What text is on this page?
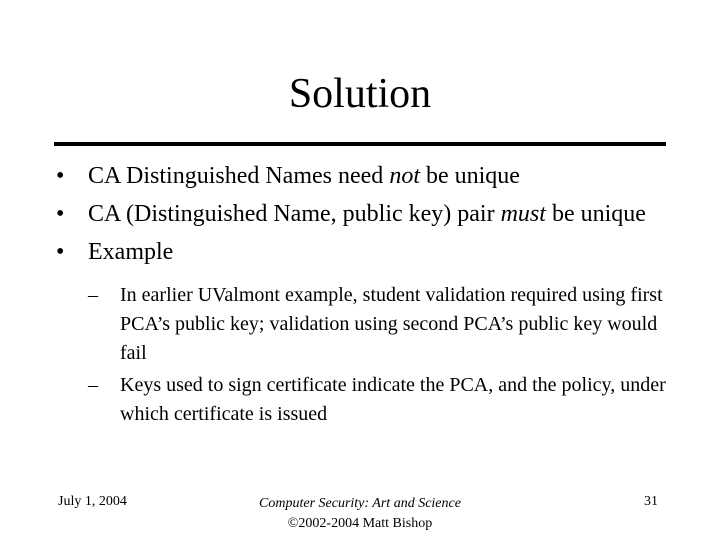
Solution
• CA Distinguished Names need not be unique
• CA (Distinguished Name, public key) pair must be unique
• Example
– In earlier UValmont example, student validation required using first PCA’s public key; validation using second PCA’s public key would fail
– Keys used to sign certificate indicate the PCA, and the policy, under which certificate is issued
July 1, 2004	Computer Security: Art and Science
©2002-2004 Matt Bishop
31
